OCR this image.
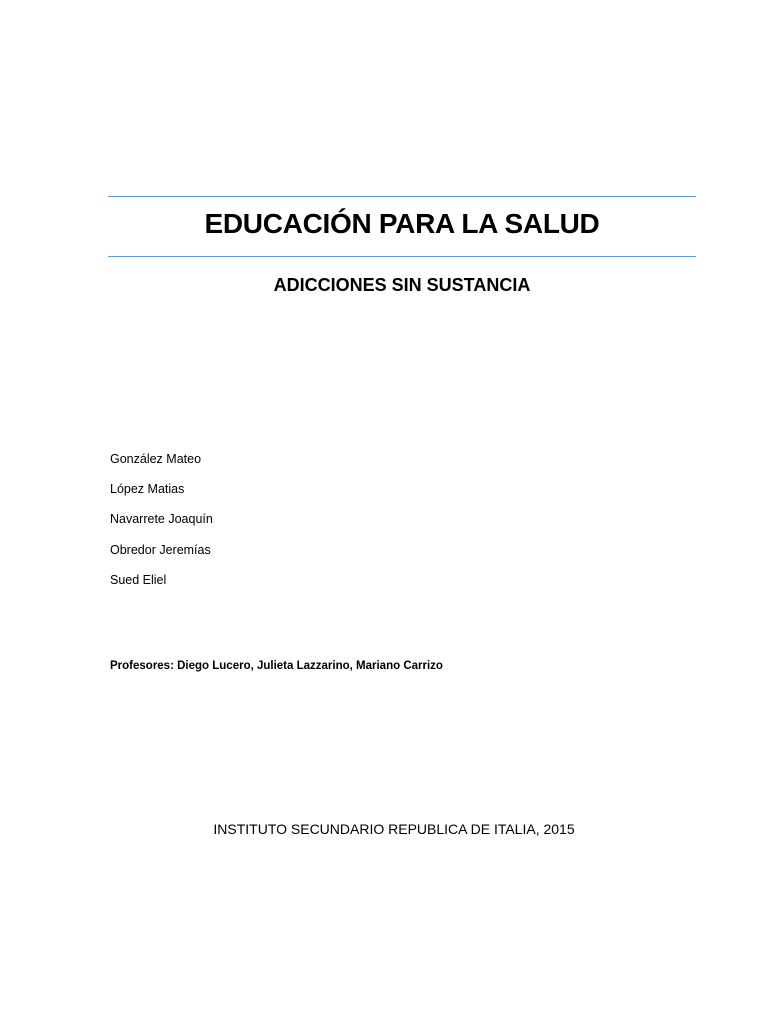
EDUCACIÓN PARA LA SALUD
ADICCIONES SIN SUSTANCIA
González Mateo
López Matias
Navarrete Joaquín
Obredor Jeremías
Sued Eliel
Profesores: Diego Lucero, Julieta Lazzarino, Mariano Carrizo
INSTITUTO SECUNDARIO REPUBLICA DE ITALIA, 2015
